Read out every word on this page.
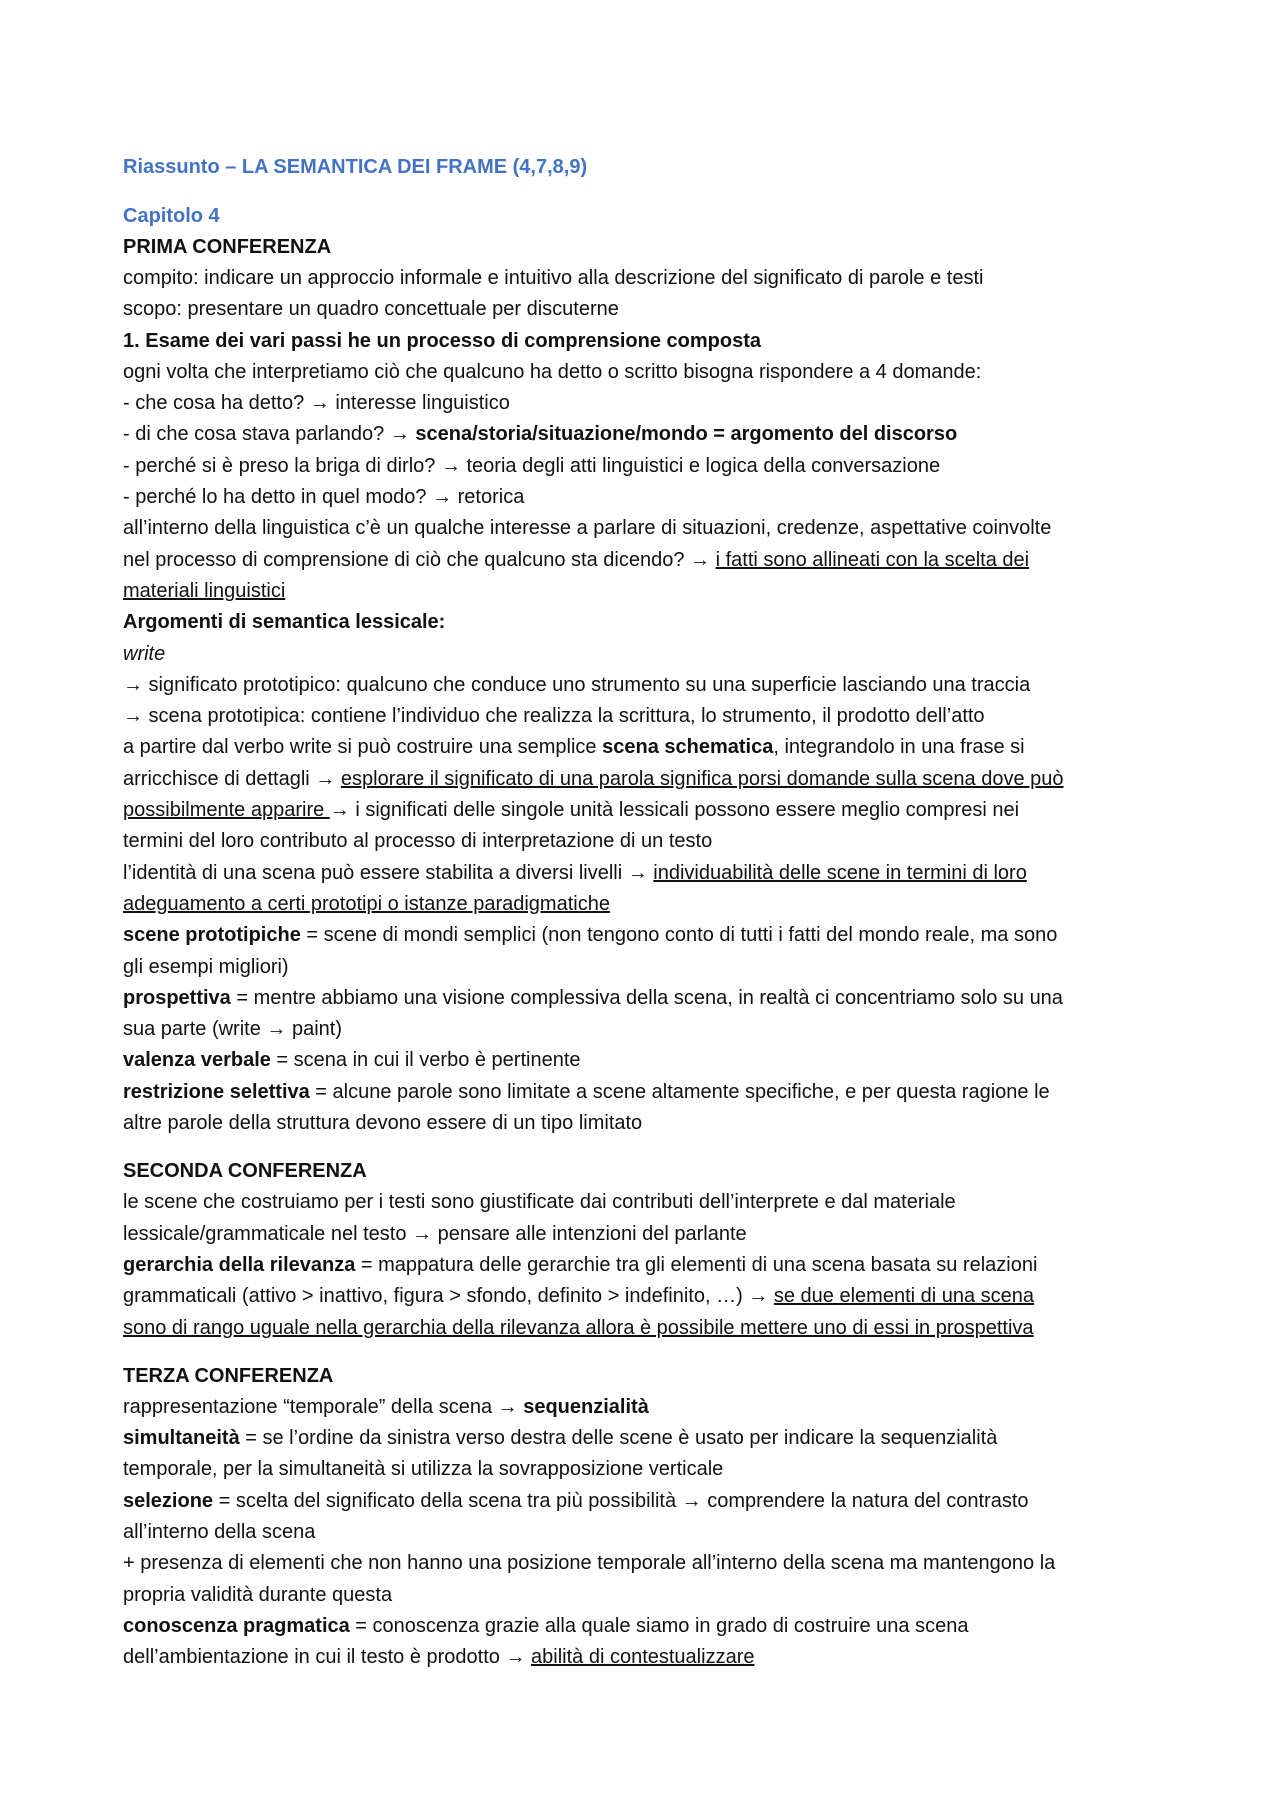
Riassunto – LA SEMANTICA DEI FRAME (4,7,8,9)
Capitolo 4
PRIMA CONFERENZA
compito: indicare un approccio informale e intuitivo alla descrizione del significato di parole e testi
scopo: presentare un quadro concettuale per discuterne
1. Esame dei vari passi he un processo di comprensione composta
ogni volta che interpretiamo ciò che qualcuno ha detto o scritto bisogna rispondere a 4 domande:
- che cosa ha detto? → interesse linguistico
- di che cosa stava parlando? → scena/storia/situazione/mondo = argomento del discorso
- perché si è preso la briga di dirlo? → teoria degli atti linguistici e logica della conversazione
- perché lo ha detto in quel modo? → retorica
all’interno della linguistica c’è un qualche interesse a parlare di situazioni, credenze, aspettative coinvolte
nel processo di comprensione di ciò che qualcuno sta dicendo? → i fatti sono allineati con la scelta dei
materiali linguistici
Argomenti di semantica lessicale:
write
→ significato prototipico: qualcuno che conduce uno strumento su una superficie lasciando una traccia
→ scena prototipica: contiene l’individuo che realizza la scrittura, lo strumento, il prodotto dell’atto
a partire dal verbo write si può costruire una semplice scena schematica, integrandolo in una frase si
arricchisce di dettagli → esplorare il significato di una parola significa porsi domande sulla scena dove può
possibilmente apparire → i significati delle singole unità lessicali possono essere meglio compresi nei
termini del loro contributo al processo di interpretazione di un testo
l’identità di una scena può essere stabilita a diversi livelli → individuabilità delle scene in termini di loro
adeguamento a certi prototipi o istanze paradigmatiche
scene prototipiche = scene di mondi semplici (non tengono conto di tutti i fatti del mondo reale, ma sono
gli esempi migliori)
prospettiva = mentre abbiamo una visione complessiva della scena, in realtà ci concentriamo solo su una
sua parte (write → paint)
valenza verbale = scena in cui il verbo è pertinente
restrizione selettiva = alcune parole sono limitate a scene altamente specifiche, e per questa ragione le
altre parole della struttura devono essere di un tipo limitato
SECONDA CONFERENZA
le scene che costruiamo per i testi sono giustificate dai contributi dell’interprete e dal materiale
lessicale/grammaticale nel testo → pensare alle intenzioni del parlante
gerarchia della rilevanza = mappatura delle gerarchie tra gli elementi di una scena basata su relazioni
grammaticali (attivo > inattivo, figura > sfondo, definito > indefinito, …) → se due elementi di una scena
sono di rango uguale nella gerarchia della rilevanza allora è possibile mettere uno di essi in prospettiva
TERZA CONFERENZA
rappresentazione “temporale” della scena → sequenzialità
simultaneità = se l’ordine da sinistra verso destra delle scene è usato per indicare la sequenzialità
temporale, per la simultaneità si utilizza la sovrapposizione verticale
selezione = scelta del significato della scena tra più possibilità → comprendere la natura del contrasto
all’interno della scena
+ presenza di elementi che non hanno una posizione temporale all’interno della scena ma mantengono la
propria validità durante questa
conoscenza pragmatica = conoscenza grazie alla quale siamo in grado di costruire una scena
dell’ambientazione in cui il testo è prodotto → abilità di contestualizzare
